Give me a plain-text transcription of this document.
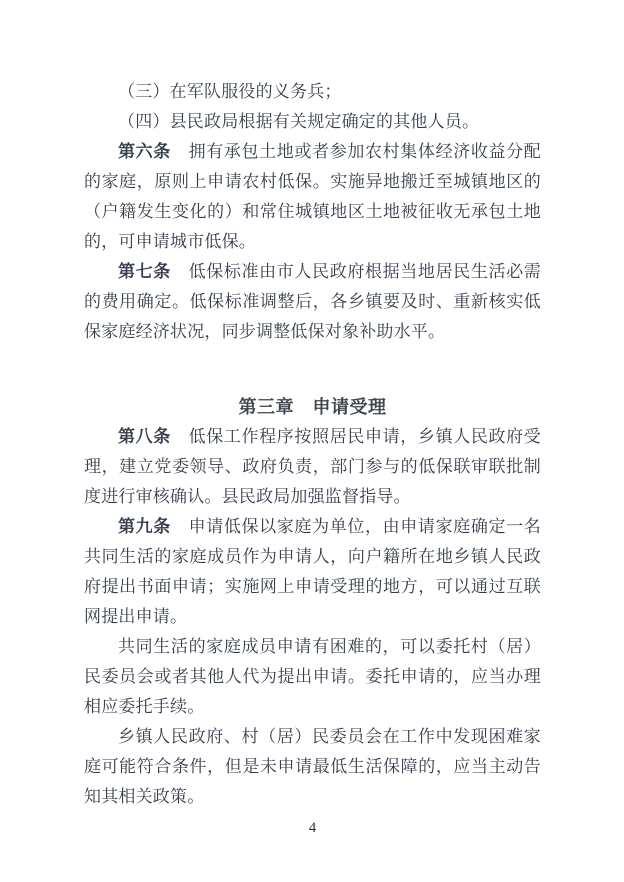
（三）在军队服役的义务兵；

（四）县民政局根据有关规定确定的其他人员。

第六条　拥有承包土地或者参加农村集体经济收益分配的家庭，原则上申请农村低保。实施异地搬迁至城镇地区的（户籍发生变化的）和常住城镇地区土地被征收无承包土地的，可申请城市低保。

第七条　低保标准由市人民政府根据当地居民生活必需的费用确定。低保标准调整后，各乡镇要及时、重新核实低保家庭经济状况，同步调整低保对象补助水平。

第三章　申请受理

第八条　低保工作程序按照居民申请，乡镇人民政府受理，建立党委领导、政府负责，部门参与的低保联审联批制度进行审核确认。县民政局加强监督指导。

第九条　申请低保以家庭为单位，由申请家庭确定一名共同生活的家庭成员作为申请人，向户籍所在地乡镇人民政府提出书面申请；实施网上申请受理的地方，可以通过互联网提出申请。

共同生活的家庭成员申请有困难的，可以委托村（居）民委员会或者其他人代为提出申请。委托申请的，应当办理相应委托手续。

乡镇人民政府、村（居）民委员会在工作中发现困难家庭可能符合条件，但是未申请最低生活保障的，应当主动告知其相关政策。

4
